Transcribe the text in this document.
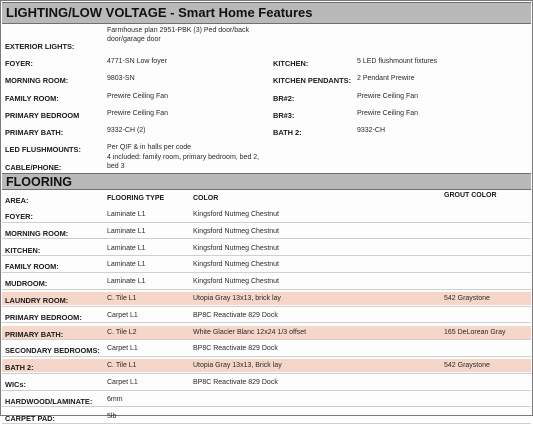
LIGHTING/LOW VOLTAGE - Smart Home Features
Farmhouse plan 2951-PBK (3) Ped door/back
door/garage door
EXTERIOR LIGHTS:
FOYER:	4771-SN Low foyer	KITCHEN:	5 LED flushmount fixtures
MORNING ROOM:	9803-SN	KITCHEN PENDANTS: 2 Pendant Prewire
FAMILY ROOM:	Prewire Ceiling Fan	BR#2:	Prewire Ceiling Fan
PRIMARY BEDROOM	Prewire Ceiling Fan	BR#3:	Prewire Ceiling Fan
PRIMARY BATH:	9332-CH (2)	BATH 2:	9332-CH
LED FLUSHMOUNTS:	Per QIF & in halls per code
4 included: family room, primary bedroom, bed 2,
bed 3
CABLE/PHONE:
FLOORING
AREA:	FLOORING TYPE	COLOR	GROUT COLOR
FOYER:	Laminate L1	Kingsford Nutmeg Chestnut
MORNING ROOM:	Laminate L1	Kingsford Nutmeg Chestnut
KITCHEN:	Laminate L1	Kingsford Nutmeg Chestnut
FAMILY ROOM:	Laminate L1	Kingsford Nutmeg Chestnut
MUDROOM:	Laminate L1	Kingsford Nutmeg Chestnut
LAUNDRY ROOM:	C. Tile L1	Utopia Gray 13x13, brick lay	542 Graystone
PRIMARY BEDROOM:	Carpet L1	BP8C Reactivate 829 Dock
PRIMARY BATH:	C. Tile L2	White Glacier Blanc 12x24 1/3 offset	165 DeLorean Gray
SECONDARY BEDROOMS: Carpet L1	BP8C Reactivate 829 Dock
BATH 2:	C. Tile L1	Utopia Gray 13x13, Brick lay	542 Graystone
WICs:	Carpet L1	BP8C Reactivate 829 Dock
HARDWOOD/LAMINATE: 6mm
CARPET PAD:	5lb
